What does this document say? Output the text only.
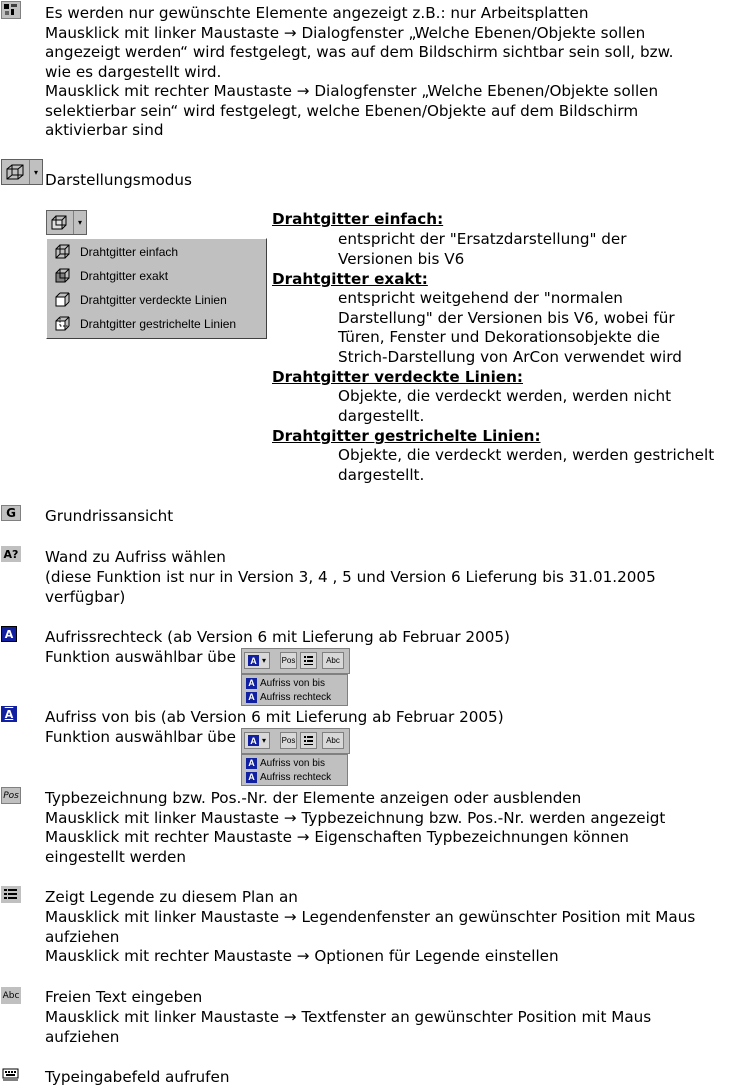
Es werden nur gewünschte Elemente angezeigt z.B.: nur Arbeitsplatten
Mausklick mit linker Maustaste → Dialogfenster „Welche Ebenen/Objekte sollen
angezeigt werden“ wird festgelegt, was auf dem Bildschirm sichtbar sein soll, bzw.
wie es dargestellt wird.
Mausklick mit rechter Maustaste → Dialogfenster „Welche Ebenen/Objekte sollen
selektierbar sein“ wird festgelegt, welche Ebenen/Objekte auf dem Bildschirm
aktivierbar sind
▾ Darstellungsmodus
▾
Drahtgitter einfach
Drahtgitter exakt
Drahtgitter verdeckte Linien
Drahtgitter gestrichelte Linien
Drahtgitter einfach:
entspricht der "Ersatzdarstellung" der
Versionen bis V6
Drahtgitter exakt:
entspricht weitgehend der "normalen
Darstellung" der Versionen bis V6, wobei für
Türen, Fenster und Dekorationsobjekte die
Strich-Darstellung von ArCon verwendet wird
Drahtgitter verdeckte Linien:
Objekte, die verdeckt werden, werden nicht
dargestellt.
Drahtgitter gestrichelte Linien:
Objekte, die verdeckt werden, werden gestrichelt
dargestellt.
G	Grundrissansicht
A? Wand zu Aufriss wählen
(diese Funktion ist nur in Version 3, 4 , 5 und Version 6 Lieferung bis 31.01.2005
verfügbar)
A Aufrissrechteck (ab Version 6 mit Lieferung ab Februar 2005)
Funktion auswählbar übe A ▾ Pos	Abc
A Aufriss von bis
A Aufriss rechteck
A Aufriss von bis (ab Version 6 mit Lieferung ab Februar 2005)
Funktion auswählbar übe A ▾ Pos	Abc
A Aufriss von bis
A Aufriss rechteck
Pos Typbezeichnung bzw. Pos.-Nr. der Elemente anzeigen oder ausblenden
Mausklick mit linker Maustaste → Typbezeichnung bzw. Pos.-Nr. werden angezeigt
Mausklick mit rechter Maustaste → Eigenschaften Typbezeichnungen können
eingestellt werden
Zeigt Legende zu diesem Plan an
Mausklick mit linker Maustaste → Legendenfenster an gewünschter Position mit Maus
aufziehen
Mausklick mit rechter Maustaste → Optionen für Legende einstellen
Abc Freien Text eingeben
Mausklick mit linker Maustaste → Textfenster an gewünschter Position mit Maus
aufziehen
Typeingabefeld aufrufen
